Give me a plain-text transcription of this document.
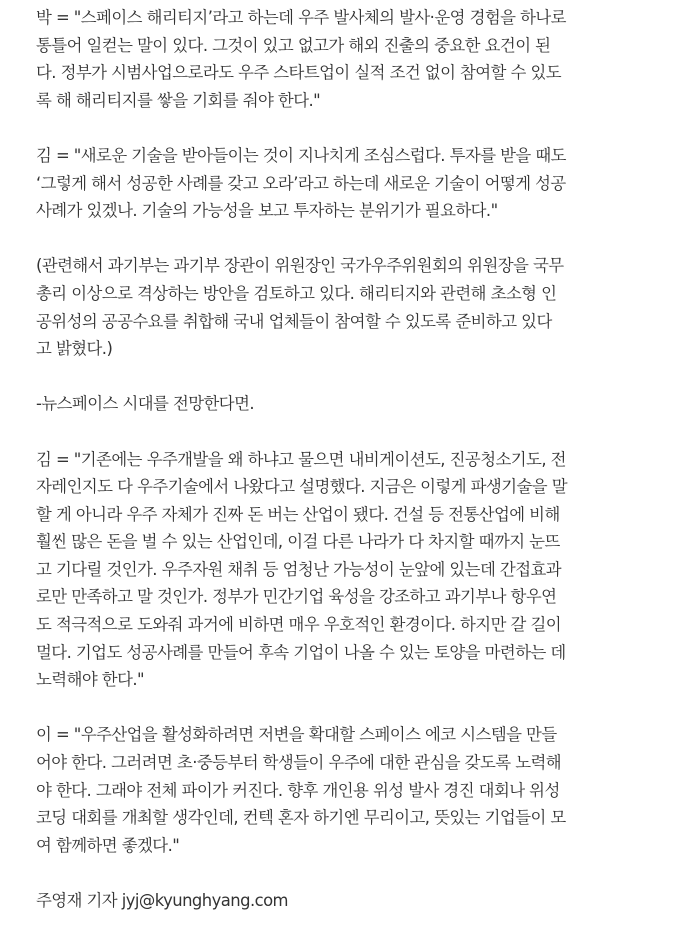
박 = "스페이스 해리티지’라고 하는데 우주 발사체의 발사·운영 경험을 하나로
통틀어 일컫는 말이 있다. 그것이 있고 없고가 해외 진출의 중요한 요건이 된
다. 정부가 시범사업으로라도 우주 스타트업이 실적 조건 없이 참여할 수 있도
록 해 해리티지를 쌓을 기회를 줘야 한다."
김 = "새로운 기술을 받아들이는 것이 지나치게 조심스럽다. 투자를 받을 때도
‘그렇게 해서 성공한 사례를 갖고 오라’라고 하는데 새로운 기술이 어떻게 성공
사례가 있겠나. 기술의 가능성을 보고 투자하는 분위기가 필요하다."
(관련해서 과기부는 과기부 장관이 위원장인 국가우주위원회의 위원장을 국무
총리 이상으로 격상하는 방안을 검토하고 있다. 해리티지와 관련해 초소형 인
공위성의 공공수요를 취합해 국내 업체들이 참여할 수 있도록 준비하고 있다
고 밝혔다.)
-뉴스페이스 시대를 전망한다면.
김 = "기존에는 우주개발을 왜 하냐고 물으면 내비게이션도, 진공청소기도, 전
자레인지도 다 우주기술에서 나왔다고 설명했다. 지금은 이렇게 파생기술을 말
할 게 아니라 우주 자체가 진짜 돈 버는 산업이 됐다. 건설 등 전통산업에 비해
훨씬 많은 돈을 벌 수 있는 산업인데, 이걸 다른 나라가 다 차지할 때까지 눈뜨
고 기다릴 것인가. 우주자원 채취 등 엄청난 가능성이 눈앞에 있는데 간접효과
로만 만족하고 말 것인가. 정부가 민간기업 육성을 강조하고 과기부나 항우연
도 적극적으로 도와줘 과거에 비하면 매우 우호적인 환경이다. 하지만 갈 길이
멀다. 기업도 성공사례를 만들어 후속 기업이 나올 수 있는 토양을 마련하는 데
노력해야 한다."
이 = "우주산업을 활성화하려면 저변을 확대할 스페이스 에코 시스템을 만들
어야 한다. 그러려면 초·중등부터 학생들이 우주에 대한 관심을 갖도록 노력해
야 한다. 그래야 전체 파이가 커진다. 향후 개인용 위성 발사 경진 대회나 위성
코딩 대회를 개최할 생각인데, 컨텍 혼자 하기엔 무리이고, 뜻있는 기업들이 모
여 함께하면 좋겠다."

주영재 기자 jyj@kyunghyang.com
